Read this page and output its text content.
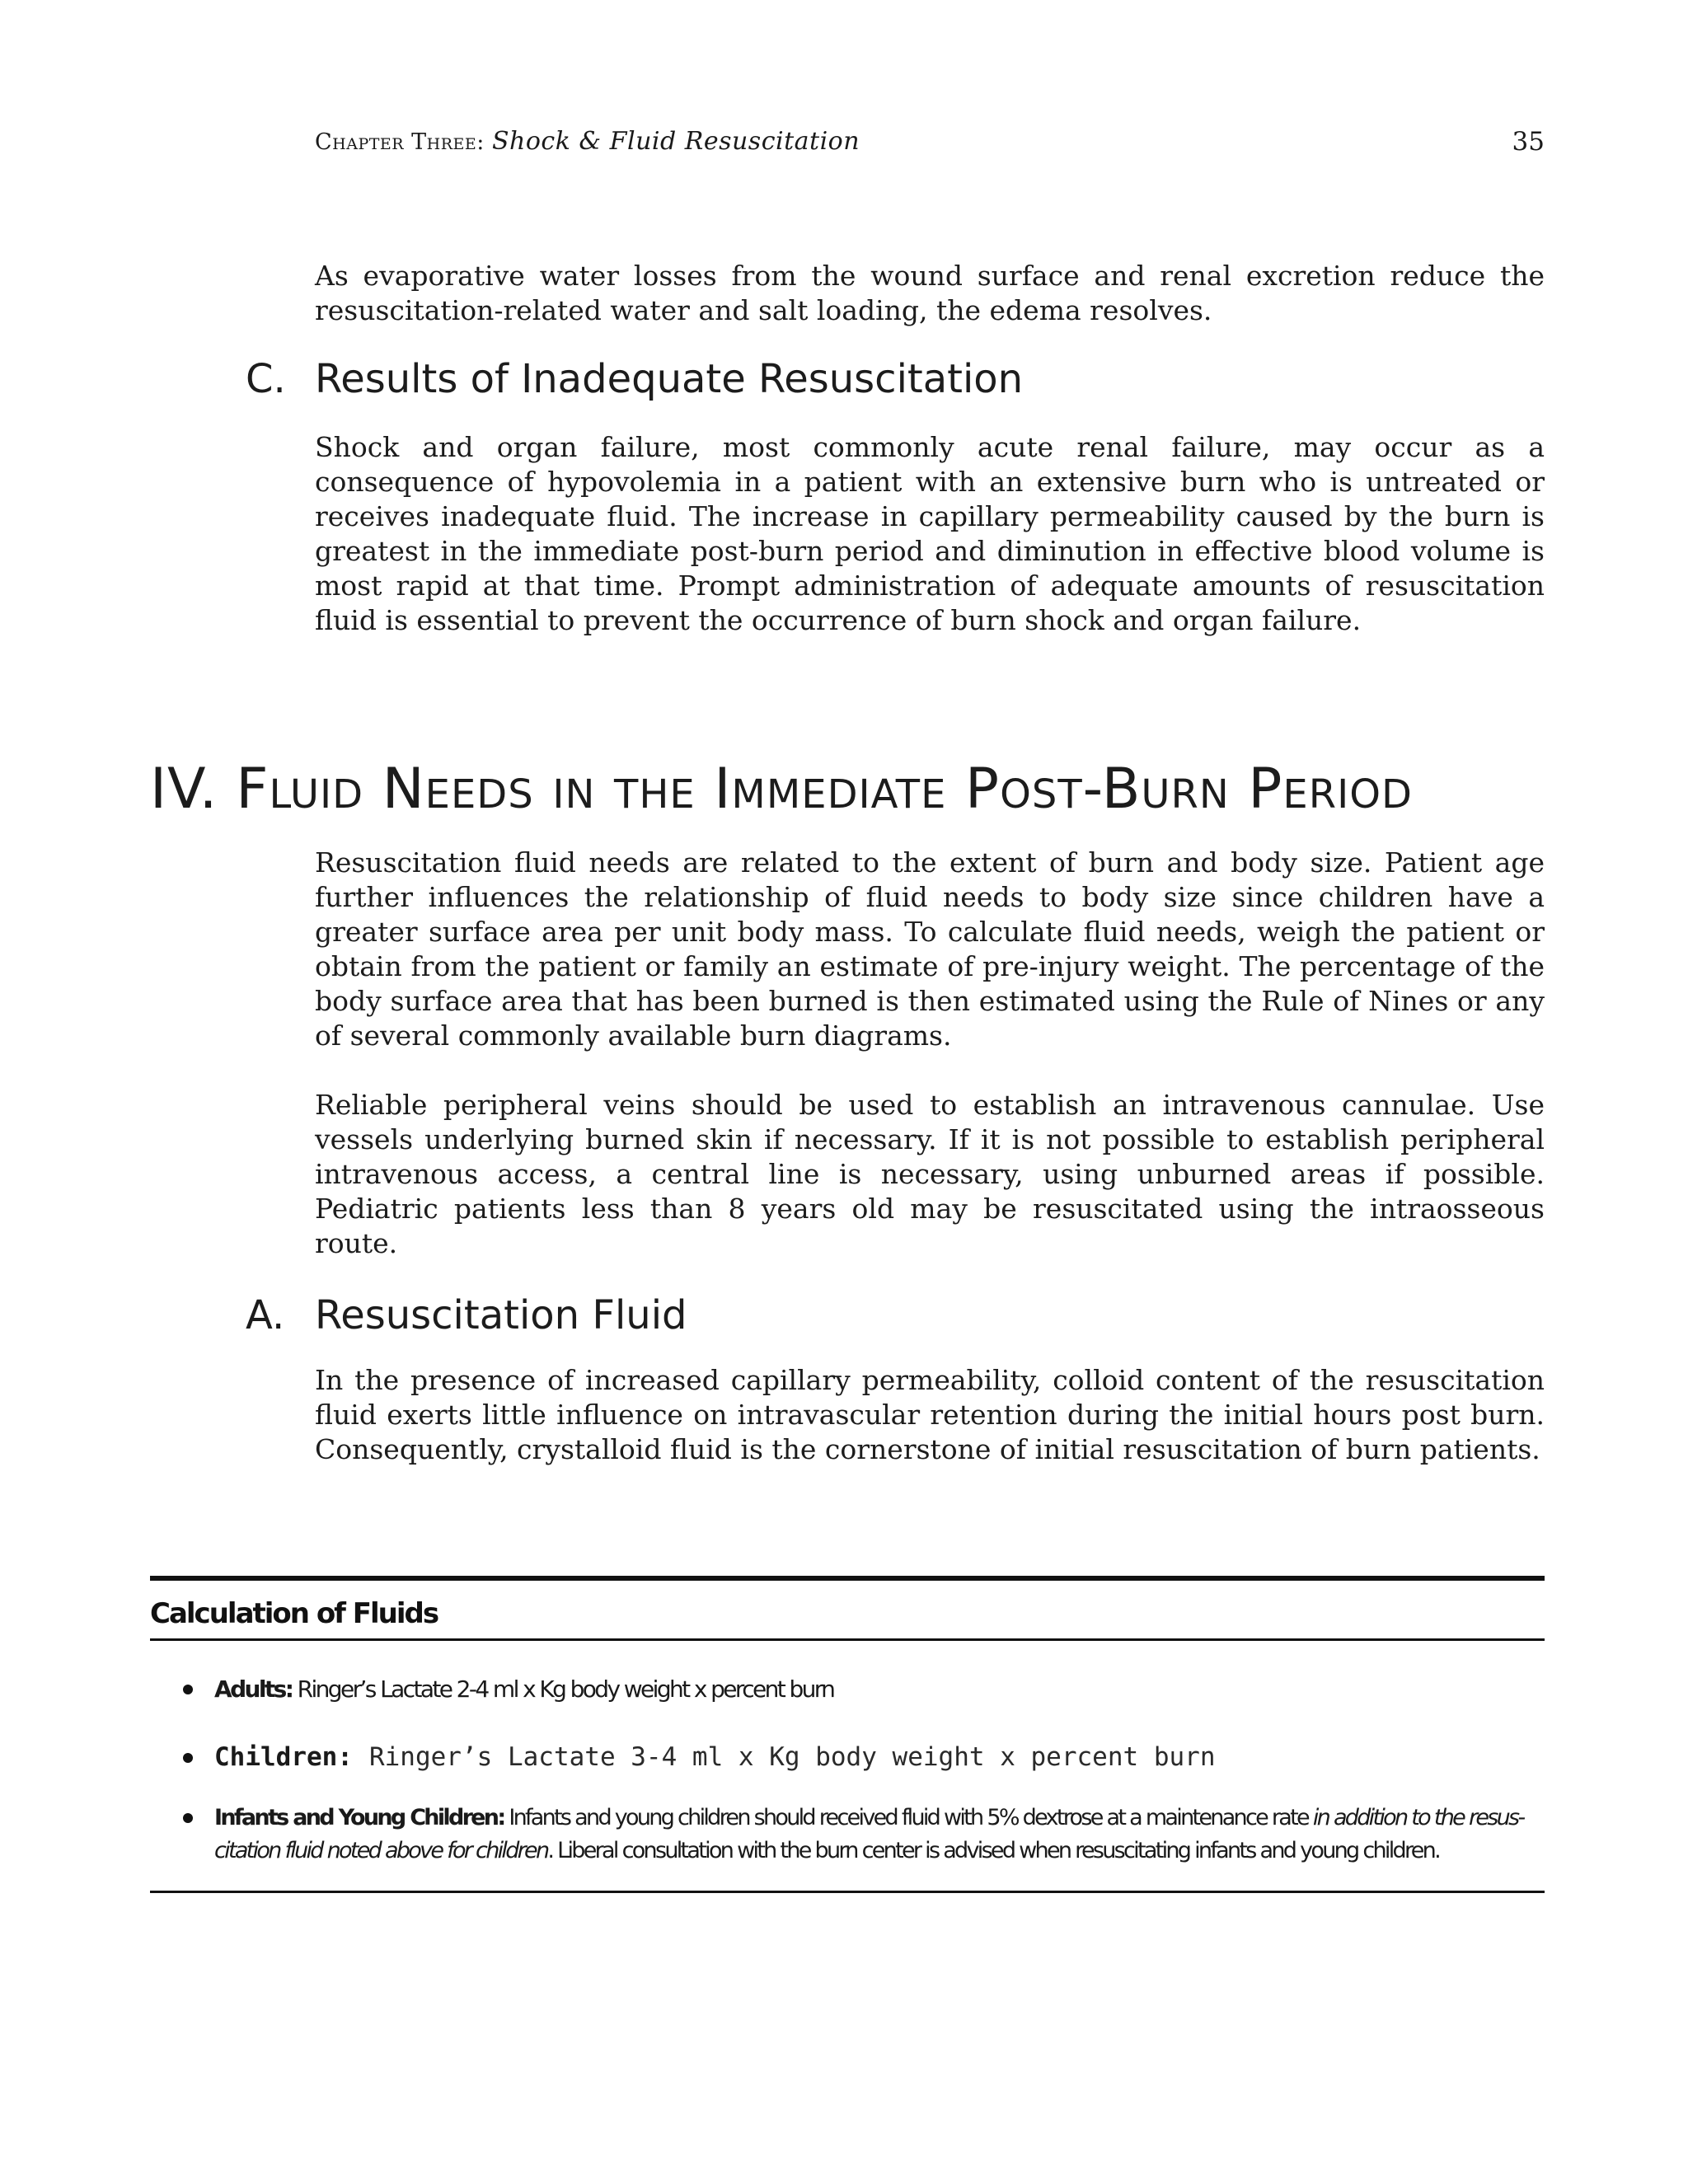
Chapter Three: Shock & Fluid Resuscitation	35

As evaporative water losses from the wound surface and renal excretion reduce the resuscitation-related water and salt loading, the edema resolves.

C. Results of Inadequate Resuscitation

Shock and organ failure, most commonly acute renal failure, may occur as a consequence of hypovolemia in a patient with an extensive burn who is untreated or receives inadequate fluid. The increase in capillary permeability caused by the burn is greatest in the immediate post-burn period and diminution in effective blood volume is most rapid at that time. Prompt administration of adequate amounts of resuscitation fluid is essential to prevent the occurrence of burn shock and organ failure.

IV. Fluid Needs in the Immediate Post-Burn Period

Resuscitation fluid needs are related to the extent of burn and body size. Patient age further influences the relationship of fluid needs to body size since children have a greater surface area per unit body mass. To calculate fluid needs, weigh the patient or obtain from the patient or family an estimate of pre-injury weight. The percentage of the body surface area that has been burned is then estimated using the Rule of Nines or any of several commonly available burn diagrams.

Reliable peripheral veins should be used to establish an intravenous cannulae. Use vessels underlying burned skin if necessary. If it is not possible to establish peripheral intravenous access, a central line is necessary, using unburned areas if possible. Pediatric patients less than 8 years old may be resuscitated using the intraosseous route.

A. Resuscitation Fluid

In the presence of increased capillary permeability, colloid content of the resuscitation fluid exerts little influence on intravascular retention during the initial hours post burn. Consequently, crystalloid fluid is the cornerstone of initial resuscitation of burn patients.

Calculation of Fluids
Adults: Ringer’s Lactate 2-4 ml x Kg body weight x percent burn
Children: Ringer’s Lactate 3-4 ml x Kg body weight x percent burn
Infants and Young Children: Infants and young children should received fluid with 5% dextrose at a maintenance rate in addition to the resus-
citation fluid noted above for children. Liberal consultation with the burn center is advised when resuscitating infants and young children.
